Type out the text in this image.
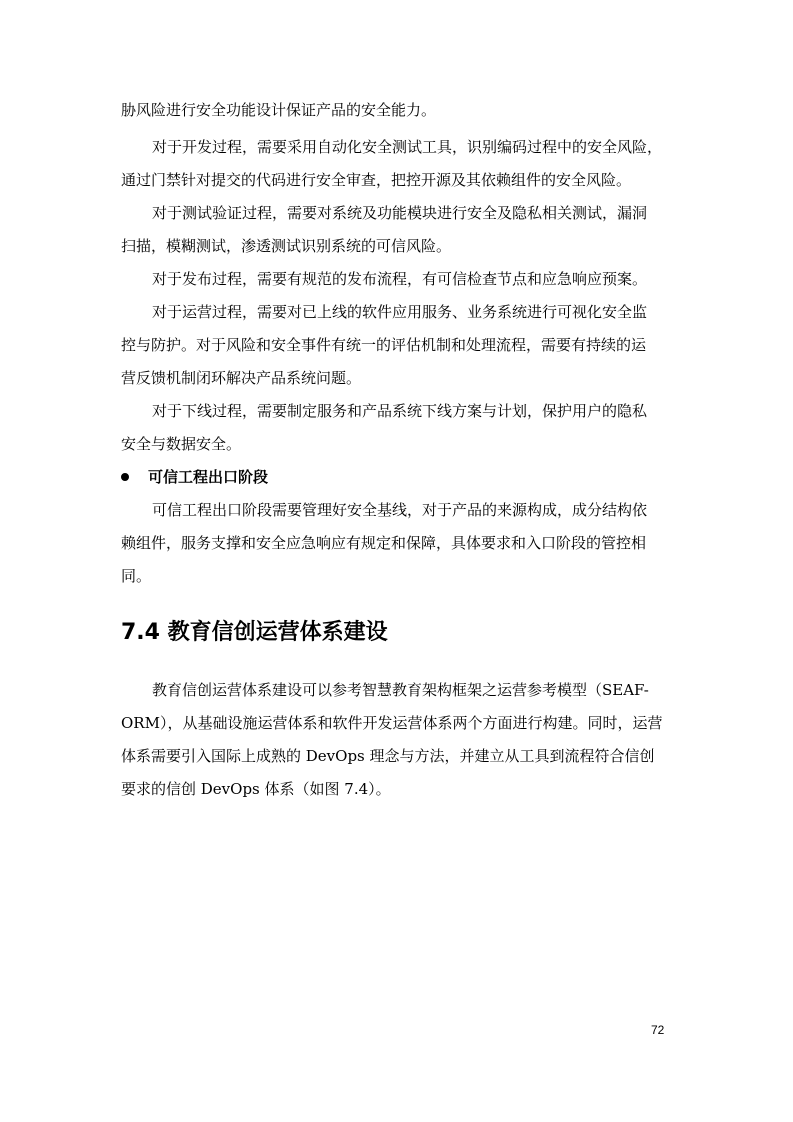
胁风险进行安全功能设计保证产品的安全能力。
对于开发过程，需要采用自动化安全测试工具，识别编码过程中的安全风险，
通过门禁针对提交的代码进行安全审查，把控开源及其依赖组件的安全风险。
对于测试验证过程，需要对系统及功能模块进行安全及隐私相关测试，漏洞
扫描，模糊测试，渗透测试识别系统的可信风险。
对于发布过程，需要有规范的发布流程，有可信检查节点和应急响应预案。
对于运营过程，需要对已上线的软件应用服务、业务系统进行可视化安全监
控与防护。对于风险和安全事件有统一的评估机制和处理流程，需要有持续的运
营反馈机制闭环解决产品系统问题。
对于下线过程，需要制定服务和产品系统下线方案与计划，保护用户的隐私
安全与数据安全。
可信工程出口阶段
可信工程出口阶段需要管理好安全基线，对于产品的来源构成，成分结构依
赖组件，服务支撑和安全应急响应有规定和保障，具体要求和入口阶段的管控相
同。
7.4 教育信创运营体系建设
教育信创运营体系建设可以参考智慧教育架构框架之运营参考模型（SEAF-
ORM），从基础设施运营体系和软件开发运营体系两个方面进行构建。同时，运营
体系需要引入国际上成熟的 DevOps 理念与方法，并建立从工具到流程符合信创
要求的信创 DevOps 体系（如图 7.4）。
72
